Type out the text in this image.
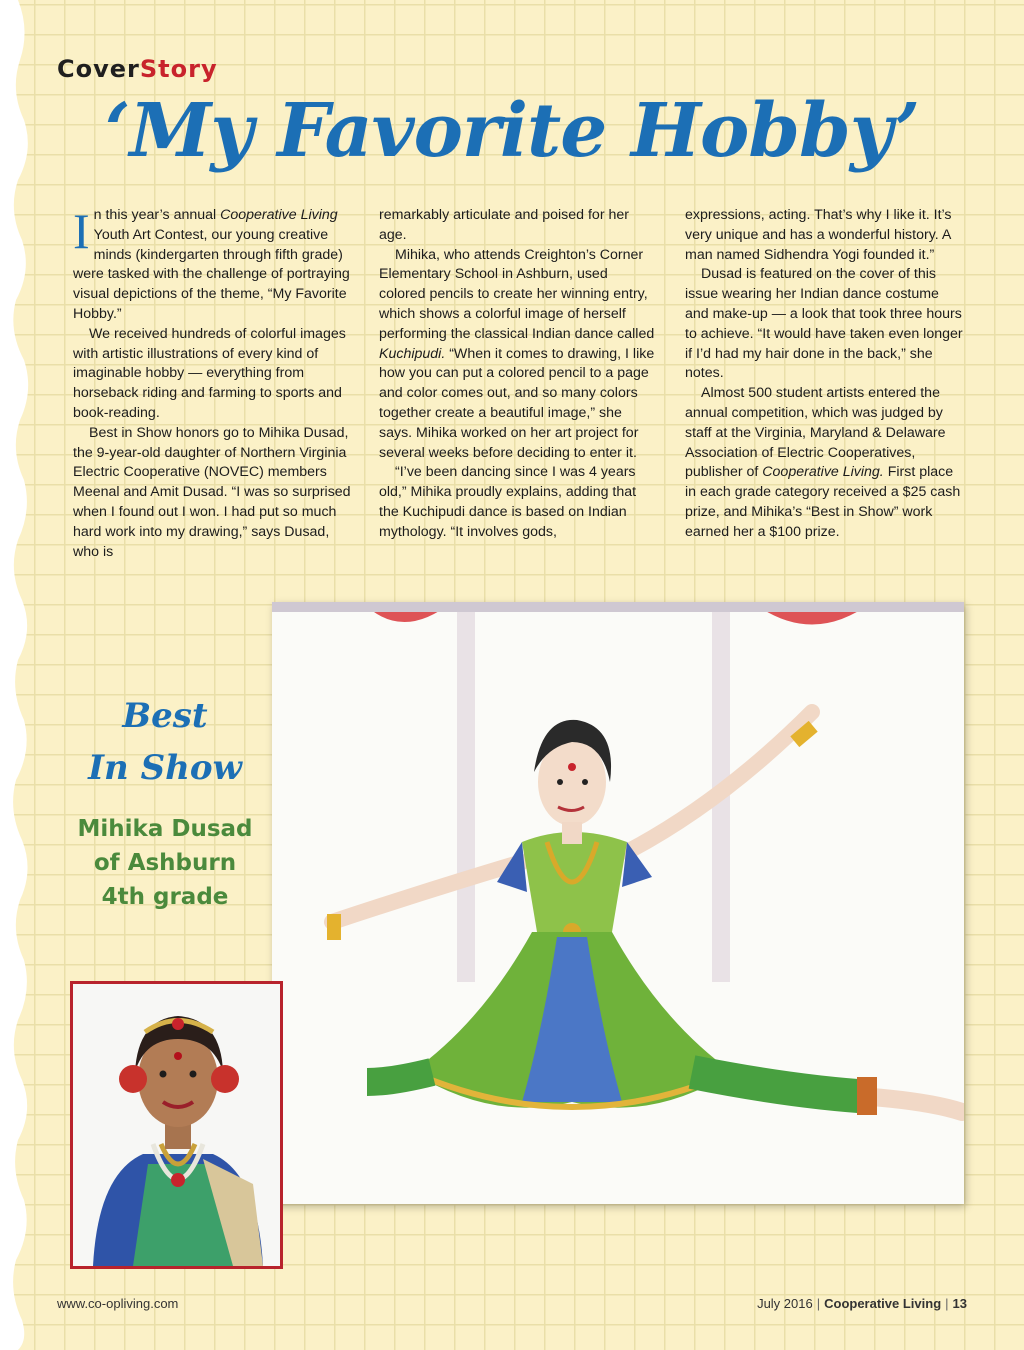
CoverStory
‘My Favorite Hobby’

In this year’s annual Cooperative Living Youth Art Contest, our young creative minds (kindergarten through fifth grade) were tasked with the challenge of portraying visual depictions of the theme, “My Favorite Hobby.”

We received hundreds of colorful images with artistic illustrations of every kind of imaginable hobby — everything from horseback riding and farming to sports and book-reading.

Best in Show honors go to Mihika Dusad, the 9-year-old daughter of Northern Virginia Electric Cooperative (NOVEC) members Meenal and Amit Dusad. “I was so surprised when I found out I won. I had put so much hard work into my drawing,” says Dusad, who is

remarkably articulate and poised for her age.

Mihika, who attends Creighton’s Corner Elementary School in Ashburn, used colored pencils to create her winning entry, which shows a colorful image of herself performing the classical Indian dance called Kuchipudi. “When it comes to drawing, I like how you can put a colored pencil to a page and color comes out, and so many colors together create a beautiful image,” she says. Mihika worked on her art project for several weeks before deciding to enter it.

“I’ve been dancing since I was 4 years old,” Mihika proudly explains, adding that the Kuchipudi dance is based on Indian mythology. “It involves gods,

expressions, acting. That’s why I like it. It’s very unique and has a wonderful history. A man named Sidhendra Yogi founded it.”

Dusad is featured on the cover of this issue wearing her Indian dance costume and make-up — a look that took three hours to achieve. “It would have taken even longer if I’d had my hair done in the back,” she notes.

Almost 500 student artists entered the annual competition, which was judged by staff at the Virginia, Maryland & Delaware Association of Electric Cooperatives, publisher of Cooperative Living. First place in each grade category received a $25 cash prize, and Mihika’s “Best in Show” work earned her a $100 prize.

Best
In Show
Mihika Dusad
of Ashburn
4th grade
www.co-opliving.com	July 2016 | Cooperative Living | 13
